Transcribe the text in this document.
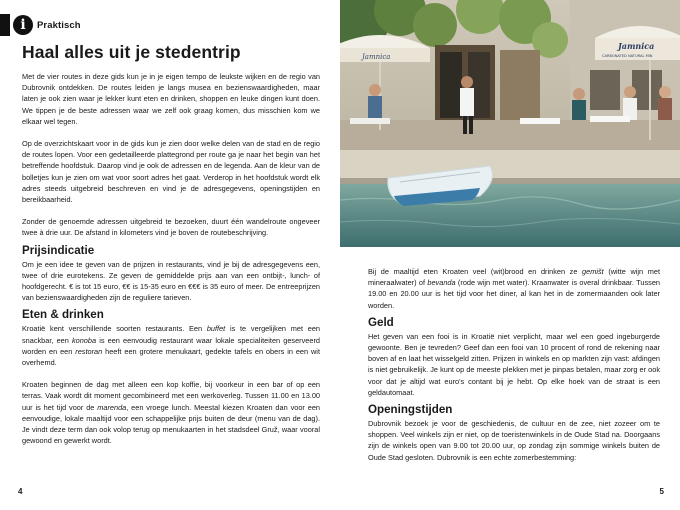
i	Praktisch
Haal alles uit je stedentrip

Met de vier routes in deze gids kun je in je eigen tempo de leukste wijken en de regio van Dubrovnik ontdekken. De routes leiden je langs musea en bezienswaardigheden, maar laten je ook zien waar je lekker kunt eten en drinken, shoppen en leuke dingen kunt doen. We tippen je de beste adressen waar we zelf ook graag komen, dus misschien kom we elkaar wel tegen.

Op de overzichtskaart voor in de gids kun je zien door welke delen van de stad en de regio de routes lopen. Voor een gedetailleerde plattegrond per route ga je naar het begin van het betreffende hoofdstuk. Daarop vind je ook de adressen en de legenda. Aan de kleur van de bolletjes kun je zien om wat voor soort adres het gaat. Verderop in het hoofdstuk wordt elk adres steeds uitgebreid beschreven en vind je de adresgegevens, openingstijden en bereikbaarheid.

Zonder de genoemde adressen uitgebreid te bezoeken, duurt één wandelroute ongeveer twee à drie uur. De afstand in kilometers vind je boven de routebeschrijving.

Prijsindicatie

Om je een idee te geven van de prijzen in restaurants, vind je bij de adresgegevens een, twee of drie eurotekens. Ze geven de gemiddelde prijs aan van een ontbijt-, lunch- of hoofdgerecht. € is tot 15 euro, €€ is 15-35 euro en €€€ is 35 euro of meer. De entreeprijzen van bezienswaardigheden zijn de reguliere tarieven.

Eten & drinken

Kroatië kent verschillende soorten restaurants. Een buffet is te vergelijken met een snackbar, een konoba is een eenvoudig restaurant waar lokale specialiteiten geserveerd worden en een restoran heeft een grotere menukaart, gedekte tafels en obers in een wit overhemd.

Kroaten beginnen de dag met alleen een kop koffie, bij voorkeur in een bar of op een terras. Vaak wordt dit moment gecombineerd met een werkoverleg. Tussen 11.00 en 13.00 uur is het tijd voor de marenda, een vroege lunch. Meestal kiezen Kroaten dan voor een eenvoudige, lokale maaltijd voor een schappelijke prijs buiten de deur (menu van de dag). Je vindt deze term dan ook volop terug op menukaarten in het stadsdeel Gruž, waar vooral gewoond en gewerkt wordt.

4	5
Jamnica
Jamnica
CARBONATED NATURAL MIN

Bij de maaltijd eten Kroaten veel (wit)brood en drinken ze gemišt (witte wijn met mineraalwater) of bevanda (rode wijn met water). Kraanwater is overal drinkbaar. Tussen 19.00 en 20.00 uur is het tijd voor het diner, al kan het in de zomermaanden ook later worden.

Geld

Het geven van een fooi is in Kroatië niet verplicht, maar wel een goed ingeburgerde gewoonte. Ben je tevreden? Geef dan een fooi van 10 procent of rond de rekening naar boven af en laat het wisselgeld zitten. Prijzen in winkels en op markten zijn vast: afdingen is niet gebruikelijk. Je kunt op de meeste plekken met je pinpas betalen, maar zorg er ook voor dat je altijd wat euro's contant bij je hebt. Op elke hoek van de straat is een geldautomaat.

Openingstijden

Dubrovnik bezoek je voor de geschiedenis, de cultuur en de zee, niet zozeer om te shoppen. Veel winkels zijn er niet, op de toeristenwinkels in de Oude Stad na. Doorgaans zijn de winkels open van 9.00 tot 20.00 uur, op zondag zijn sommige winkels buiten de Oude Stad gesloten. Dubrovnik is een echte zomerbestemming:
